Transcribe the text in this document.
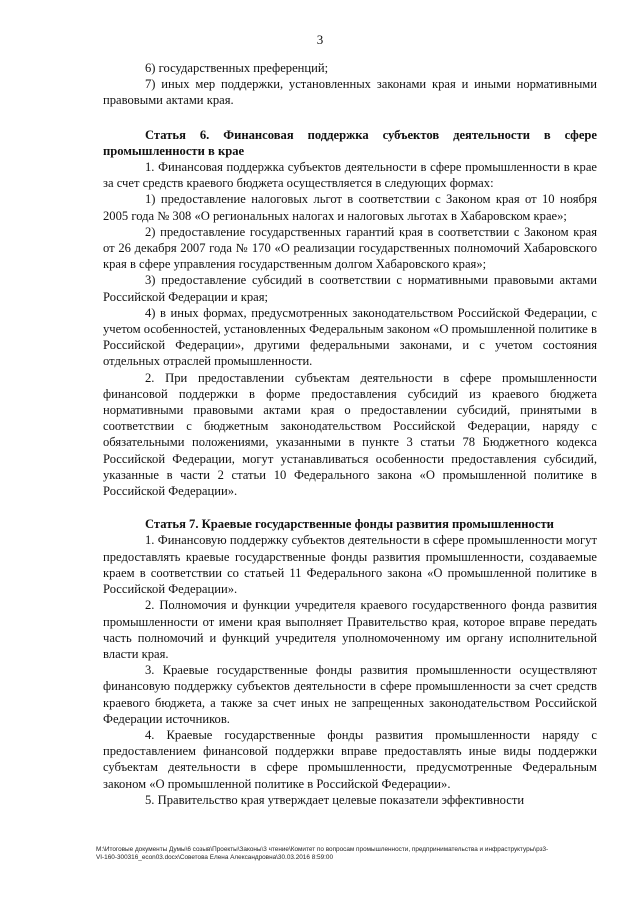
3

6) государственных преференций;

7) иных мер поддержки, установленных законами края и иными нормативными правовыми актами края.

Статья 6. Финансовая поддержка субъектов деятельности в сфере промышленности в крае

1. Финансовая поддержка субъектов деятельности в сфере промышленности в крае за счет средств краевого бюджета осуществляется в следующих формах:

1) предоставление налоговых льгот в соответствии с Законом края от 10 ноября 2005 года № 308 «О региональных налогах и налоговых льготах в Хабаровском крае»;

2) предоставление государственных гарантий края в соответствии с Законом края от 26 декабря 2007 года № 170 «О реализации государственных полномочий Хабаровского края в сфере управления государственным долгом Хабаровского края»;

3) предоставление субсидий в соответствии с нормативными правовыми актами Российской Федерации и края;

4) в иных формах, предусмотренных законодательством Российской Федерации, с учетом особенностей, установленных Федеральным законом «О промышленной политике в Российской Федерации», другими федеральными законами, и с учетом состояния отдельных отраслей промышленности.

2. При предоставлении субъектам деятельности в сфере промышленности финансовой поддержки в форме предоставления субсидий из краевого бюджета нормативными правовыми актами края о предоставлении субсидий, принятыми в соответствии с бюджетным законодательством Российской Федерации, наряду с обязательными положениями, указанными в пункте 3 статьи 78 Бюджетного кодекса Российской Федерации, могут устанавливаться особенности предоставления субсидий, указанные в части 2 статьи 10 Федерального закона «О промышленной политике в Российской Федерации».

Статья 7. Краевые государственные фонды развития промышленности

1. Финансовую поддержку субъектов деятельности в сфере промышленности могут предоставлять краевые государственные фонды развития промышленности, создаваемые краем в соответствии со статьей 11 Федерального закона «О промышленной политике в Российской Федерации».

2. Полномочия и функции учредителя краевого государственного фонда развития промышленности от имени края выполняет Правительство края, которое вправе передать часть полномочий и функций учредителя уполномоченному им органу исполнительной власти края.

3. Краевые государственные фонды развития промышленности осуществляют финансовую поддержку субъектов деятельности в сфере промышленности за счет средств краевого бюджета, а также за счет иных не запрещенных законодательством Российской Федерации источников.

4. Краевые государственные фонды развития промышленности наряду с предоставлением финансовой поддержки вправе предоставлять иные виды поддержки субъектам деятельности в сфере промышленности, предусмотренные Федеральным законом «О промышленной политике в Российской Федерации».

5. Правительство края утверждает целевые показатели эффективности

M:\Итоговые документы Думы\6 созыв\Проекты\Законы\3 чтение\Комитет по вопросам промышленности, предпринимательства и инфраструктуры\рз3-
VI-160-300316_econ03.docx\Советова Елена Александровна\30.03.2016 8:59:00
